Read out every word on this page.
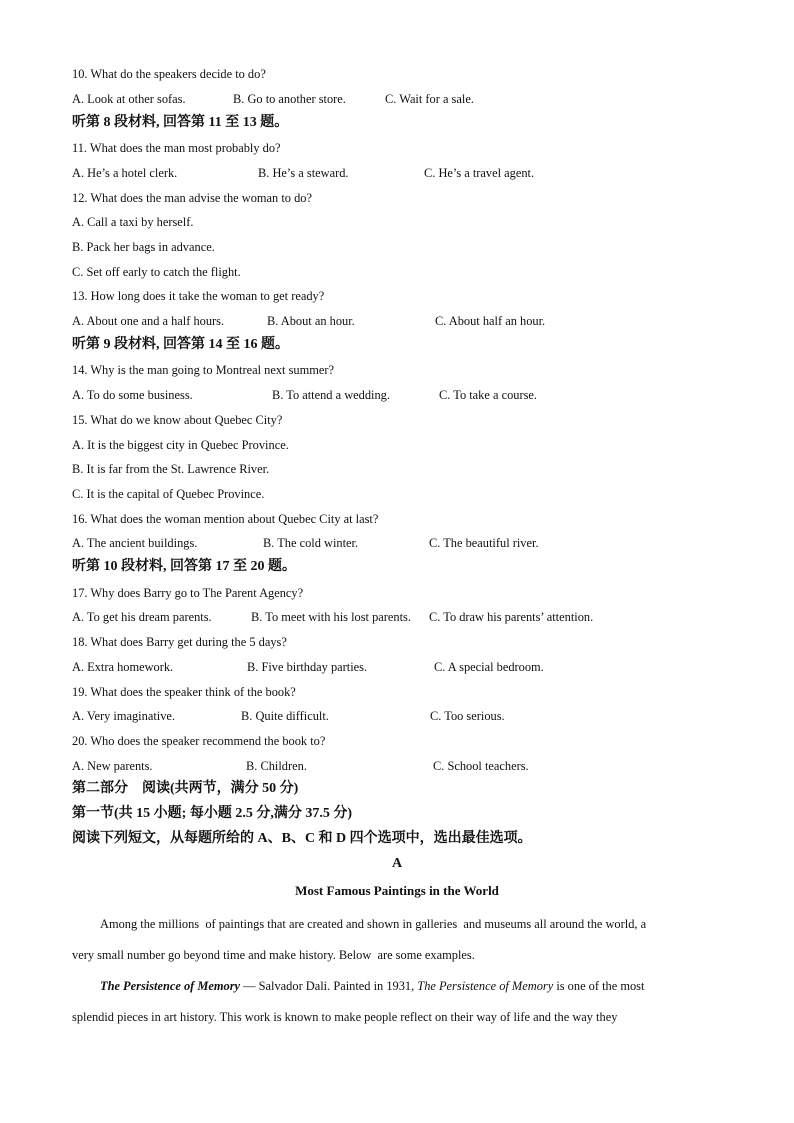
10. What do the speakers decide to do?
A. Look at other sofas.	B. Go to another store.	C. Wait for a sale.
听第 8 段材料, 回答第 11 至 13 题。
11. What does the man most probably do?
A. He’s a hotel clerk.	B. He’s a steward.	C. He’s a travel agent.
12. What does the man advise the woman to do?
A. Call a taxi by herself.
B. Pack her bags in advance.
C. Set off early to catch the flight.
13. How long does it take the woman to get ready?
A. About one and a half hours.	B. About an hour.	C. About half an hour.
听第 9 段材料, 回答第 14 至 16 题。
14. Why is the man going to Montreal next summer?
A. To do some business.	B. To attend a wedding.	C. To take a course.
15. What do we know about Quebec City?
A. It is the biggest city in Quebec Province.
B. It is far from the St. Lawrence River.
C. It is the capital of Quebec Province.
16. What does the woman mention about Quebec City at last?
A. The ancient buildings.	B. The cold winter.	C. The beautiful river.
听第 10 段材料, 回答第 17 至 20 题。
17. Why does Barry go to The Parent Agency?
A. To get his dream parents.	B. To meet with his lost parents. C. To draw his parents’ attention.
18. What does Barry get during the 5 days?
A. Extra homework.	B. Five birthday parties.	C. A special bedroom.
19. What does the speaker think of the book?
A. Very imaginative.	B. Quite difficult.	C. Too serious.
20. Who does the speaker recommend the book to?
A. New parents.	B. Children.	C. School teachers.
第二部分    阅读(共两节，满分 50 分)
第一节(共 15 小题; 每小题 2.5 分,满分 37.5 分)
阅读下列短文，从每题所给的 A、B、C 和 D 四个选项中，选出最佳选项。
A
Most Famous Paintings in the World
Among the millions  of paintings that are created and shown in galleries  and museums all around the world, a
very small number go beyond time and make history. Below  are some examples.
The Persistence of Memory — Salvador Dali. Painted in 1931, The Persistence of Memory is one of the most
splendid pieces in art history. This work is known to make people reflect on their way of life and the way they
